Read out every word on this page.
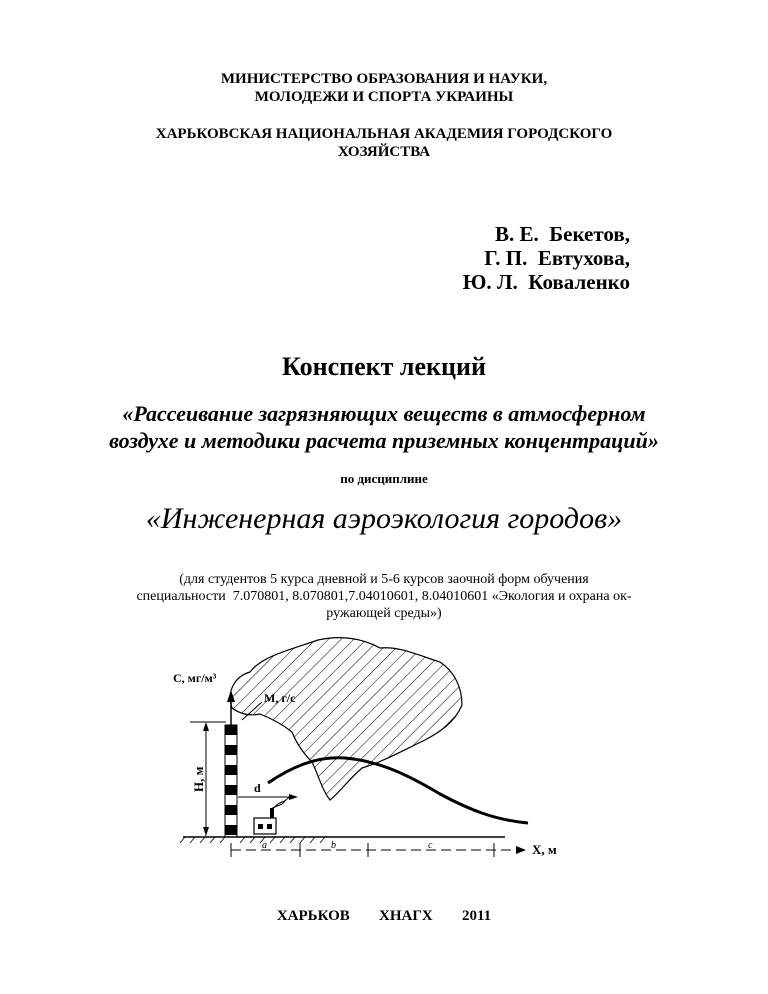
МИНИСТЕРСТВО ОБРАЗОВАНИЯ И НАУКИ,
МОЛОДЕЖИ И СПОРТА УКРАИНЫ
ХАРЬКОВСКАЯ НАЦИОНАЛЬНАЯ АКАДЕМИЯ ГОРОДСКОГО
ХОЗЯЙСТВА
В. Е.  Бекетов,
Г. П.  Евтухова,
Ю. Л.  Коваленко
Конспект лекций
«Рассеивание загрязняющих веществ в атмосферном
воздухе и методики расчета приземных концентраций»
по дисциплине
«Инженерная аэроэкология городов»
(для студентов 5 курса дневной и 5-6 курсов заочной форм обучения
специальности  7.070801, 8.070801,7.04010601, 8.04010601 «Экология и охрана ок-
ружающей среды»)
С, мг/м³
М, г/с
Н, м	d
Х, м
a	b	c
ХАРЬКОВ   ХНАГХ   2011
